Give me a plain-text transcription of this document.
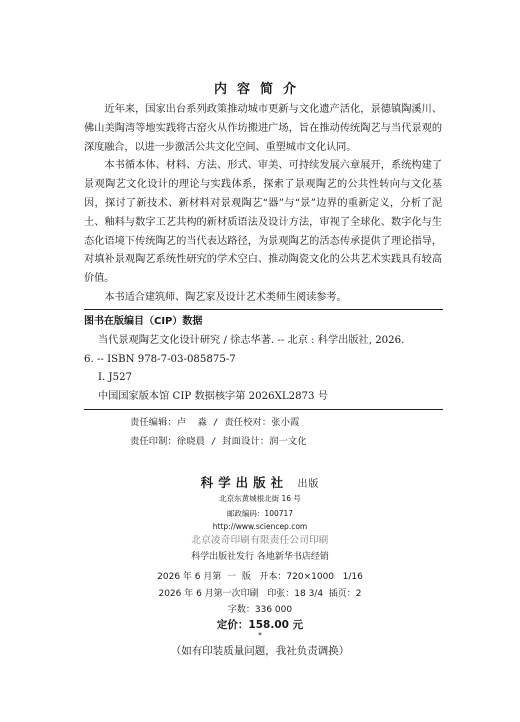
内容简介

近年来，国家出台系列政策推动城市更新与文化遗产活化，景德镇陶溪川、佛山美陶湾等地实践将古窑火从作坊搬进广场，旨在推动传统陶艺与当代景观的深度融合，以进一步激活公共文化空间、重塑城市文化认同。

本书循本体、材料、方法、形式、审美、可持续发展六章展开，系统构建了景观陶艺文化设计的理论与实践体系，探索了景观陶艺的公共性转向与文化基因，探讨了新技术、新材料对景观陶艺“器”与“景”边界的重新定义，分析了泥土、釉料与数字工艺共构的新材质语法及设计方法，审视了全球化、数字化与生态化语境下传统陶艺的当代表达路径，为景观陶艺的活态传承提供了理论指导，对填补景观陶艺系统性研究的学术空白、推动陶瓷文化的公共艺术实践具有较高价值。

本书适合建筑师、陶艺家及设计艺术类师生阅读参考。

图书在版编目（CIP）数据
当代景观陶艺文化设计研究 / 徐志华著. -- 北京 : 科学出版社, 2026.
6. -- ISBN 978-7-03-085875-7
Ⅰ. J527
中国国家版本馆 CIP 数据核字第 2026XL2873 号
责任编辑：卢  淼 / 责任校对：张小霞
责任印制：徐晓晨 / 封面设计：润一文化
科学出版社 出版
北京东黄城根北街 16 号
邮政编码：100717
http://www.sciencep.com
北京凌奇印刷有限责任公司印刷
科学出版社发行 各地新华书店经销
2026 年 6 月第  一  版   开本：720×1000   1/16
2026 年 6 月第一次印刷   印张：18 3/4  插页：2
字数：336 000
定价：158.00 元
*
（如有印装质量问题，我社负责调换）
